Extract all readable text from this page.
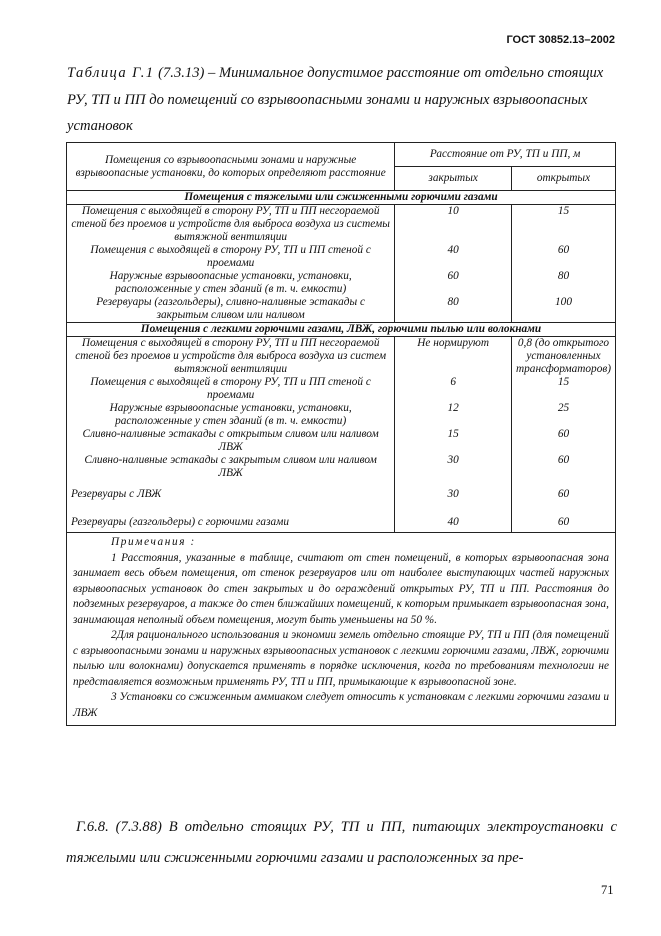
ГОСТ 30852.13–2002
Таблица Г.1 (7.3.13) – Минимальное допустимое расстояние от отдельно стоящих РУ, ТП и ПП до помещений со взрывоопасными зонами и наружных взрывоопасных установок
Помещения со взрывоопасными зонами и наружные взрывоопасные установки, до которых определяют расстояние	Расстояние от РУ, ТП и ПП, м	
	закрытых	открытых
Помещения с тяжелыми или сжиженными горючими газами		
Помещения с выходящей в сторону РУ, ТП и ПП несгораемой стеной без проемов и устройств для выброса воздуха из системы вытяжной вентиляции	10	15
Помещения с выходящей в сторону РУ, ТП и ПП стеной с проемами	40	60
Наружные взрывоопасные установки, установки, расположенные у стен зданий (в т. ч. емкости)	60	80
Резервуары (газгольдеры), сливно-наливные эстакады с закрытым сливом или наливом	80	100
Помещения с легкими горючими газами, ЛВЖ, горючими пылью или волокнами		
Помещения с выходящей в сторону РУ, ТП и ПП несгораемой стеной без проемов и устройств для выброса воздуха из систем вытяжной вентиляции	Не нормируют	0,8 (до открытого установленных трансформаторов)
Помещения с выходящей в сторону РУ, ТП и ПП стеной с проемами	6	15
Наружные взрывоопасные установки, установки, расположенные у стен зданий (в т. ч. емкости)	12	25
Сливно-наливные эстакады с открытым сливом или наливом ЛВЖ	15	60
Сливно-наливные эстакады с закрытым сливом или наливом ЛВЖ	30	60
Резервуары с ЛВЖ	30	60
Резервуары (газгольдеры) с горючими газами	40	60

Примечания :

1 Расстояния, указанные в таблице, считают от стен помещений, в которых взрывоопасная зона занимает весь объем помещения, от стенок резервуаров или от наиболее выступающих частей наружных взрывоопасных установок до стен закрытых и до ограждений открытых РУ, ТП и ПП. Расстояния до подземных резервуаров, а также до стен ближайших помещений, к которым примыкает взрывоопасная зона, занимающая неполный объем помещения, могут быть уменьшены на 50 %.

2Для рационального использования и экономии земель отдельно стоящие РУ, ТП и ПП (для помещений с взрывоопасными зонами и наружных взрывоопасных установок с легкими горючими газами, ЛВЖ, горючими пылью или волокнами) допускается применять в порядке исключения, когда по требованиям технологии не представляется возможным применять РУ, ТП и ПП, примыкающие к взрывоопасной зоне.

3 Установки со сжиженным аммиаком следует относить к установкам с легкими горючими газами и ЛВЖ		

Г.6.8. (7.3.88) В отдельно стоящих РУ, ТП и ПП, питающих электроустановки с тяжелыми или сжиженными горючими газами и расположенных за пре-
71
